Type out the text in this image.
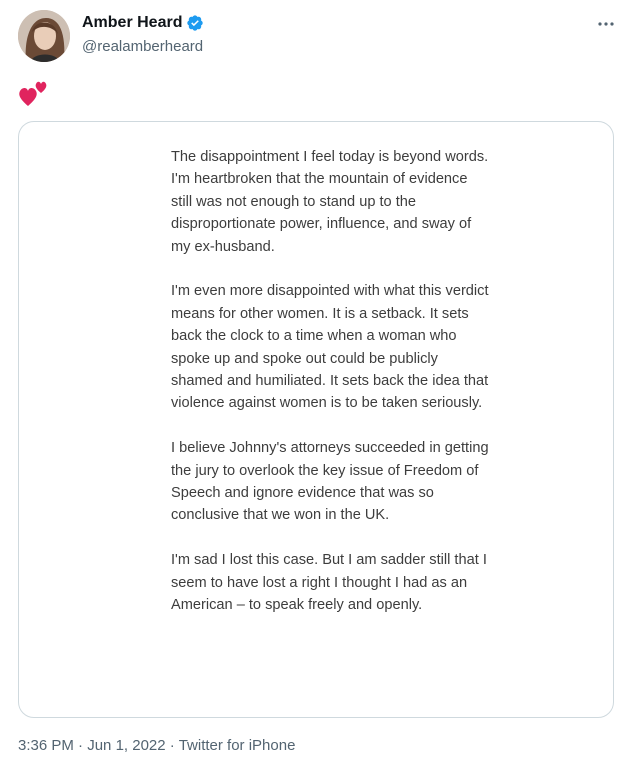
Amber Heard
@realamberheard

The disappointment I feel today is beyond words. I'm heartbroken that the mountain of evidence still was not enough to stand up to the disproportionate power, influence, and sway of my ex-husband.

I'm even more disappointed with what this verdict means for other women. It is a setback. It sets back the clock to a time when a woman who spoke up and spoke out could be publicly shamed and humiliated. It sets back the idea that violence against women is to be taken seriously.

I believe Johnny's attorneys succeeded in getting the jury to overlook the key issue of Freedom of Speech and ignore evidence that was so conclusive that we won in the UK.

I'm sad I lost this case. But I am sadder still that I seem to have lost a right I thought I had as an American – to speak freely and openly.

3:36 PM · Jun 1, 2022 · Twitter for iPhone
